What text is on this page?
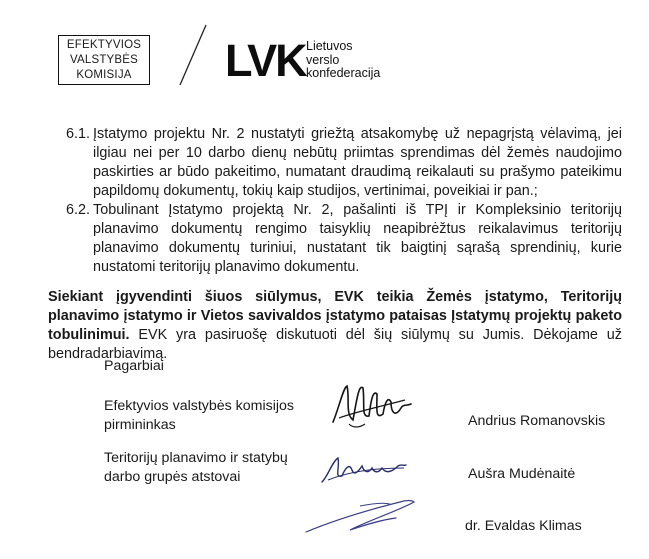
EFEKTYVIOS
VALSTYBĖS
KOMISIJA	LVK Lietuvos
verslo
konfederacija
6.1. Įstatymo projektu Nr. 2 nustatyti griežtą atsakomybę už nepagrįstą vėlavimą, jei ilgiau nei per 10 darbo dienų nebūtų priimtas sprendimas dėl žemės naudojimo paskirties ar būdo pakeitimo, numatant draudimą reikalauti su prašymo pateikimu papildomų dokumentų, tokių kaip studijos, vertinimai, poveikiai ir pan.;
6.2. Tobulinant Įstatymo projektą Nr. 2, pašalinti iš TPĮ ir Kompleksinio teritorijų planavimo dokumentų rengimo taisyklių neapibrėžtus reikalavimus teritorijų planavimo dokumentų turiniui, nustatant tik baigtinį sąrašą sprendinių, kurie nustatomi teritorijų planavimo dokumentu.
Siekiant įgyvendinti šiuos siūlymus, EVK teikia Žemės įstatymo, Teritorijų planavimo įstatymo ir Vietos savivaldos įstatymo pataisas Įstatymų projektų paketo tobulinimui. EVK yra pasiruošę diskutuoti dėl šių siūlymų su Jumis. Dėkojame už bendradarbiavimą.
Pagarbiai
Efektyvios valstybės komisijos
pirmininkas	Andrius Romanovskis
Teritorijų planavimo ir statybų
darbo grupės atstovai	Aušra Mudėnaitė
dr. Evaldas Klimas
